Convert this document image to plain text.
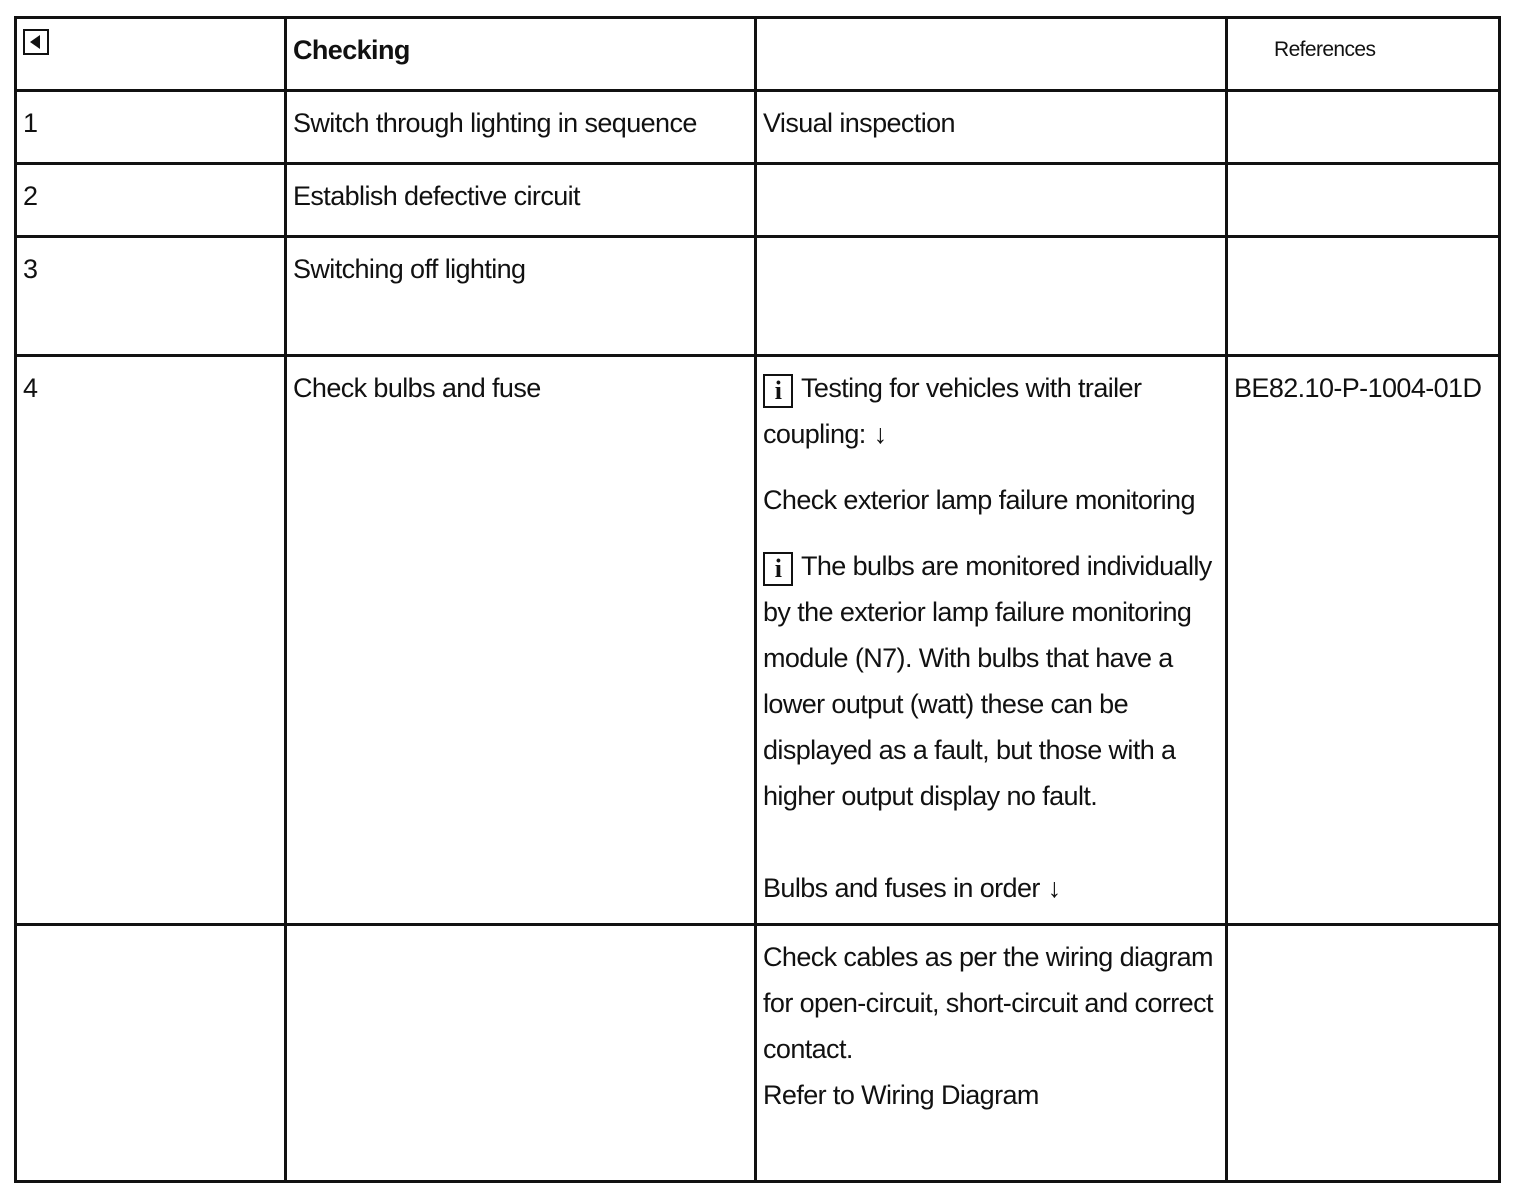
	Checking		References
1	Switch through lighting in sequence	Visual inspection	
2	Establish defective circuit		
3	Switching off lighting		
4	Check bulbs and fuse	i Testing for vehicles with trailer coupling: ↓

Check exterior lamp failure monitoring

i The bulbs are monitored individually by the exterior lamp failure monitoring module (N7). With bulbs that have a lower output (watt) these can be displayed as a fault, but those with a higher output display no fault.

Bulbs and fuses in order ↓	BE82.10-P-1004-01D

		Check cables as per the wiring diagram for open-circuit, short-circuit and correct contact.

Refer to Wiring Diagram	
